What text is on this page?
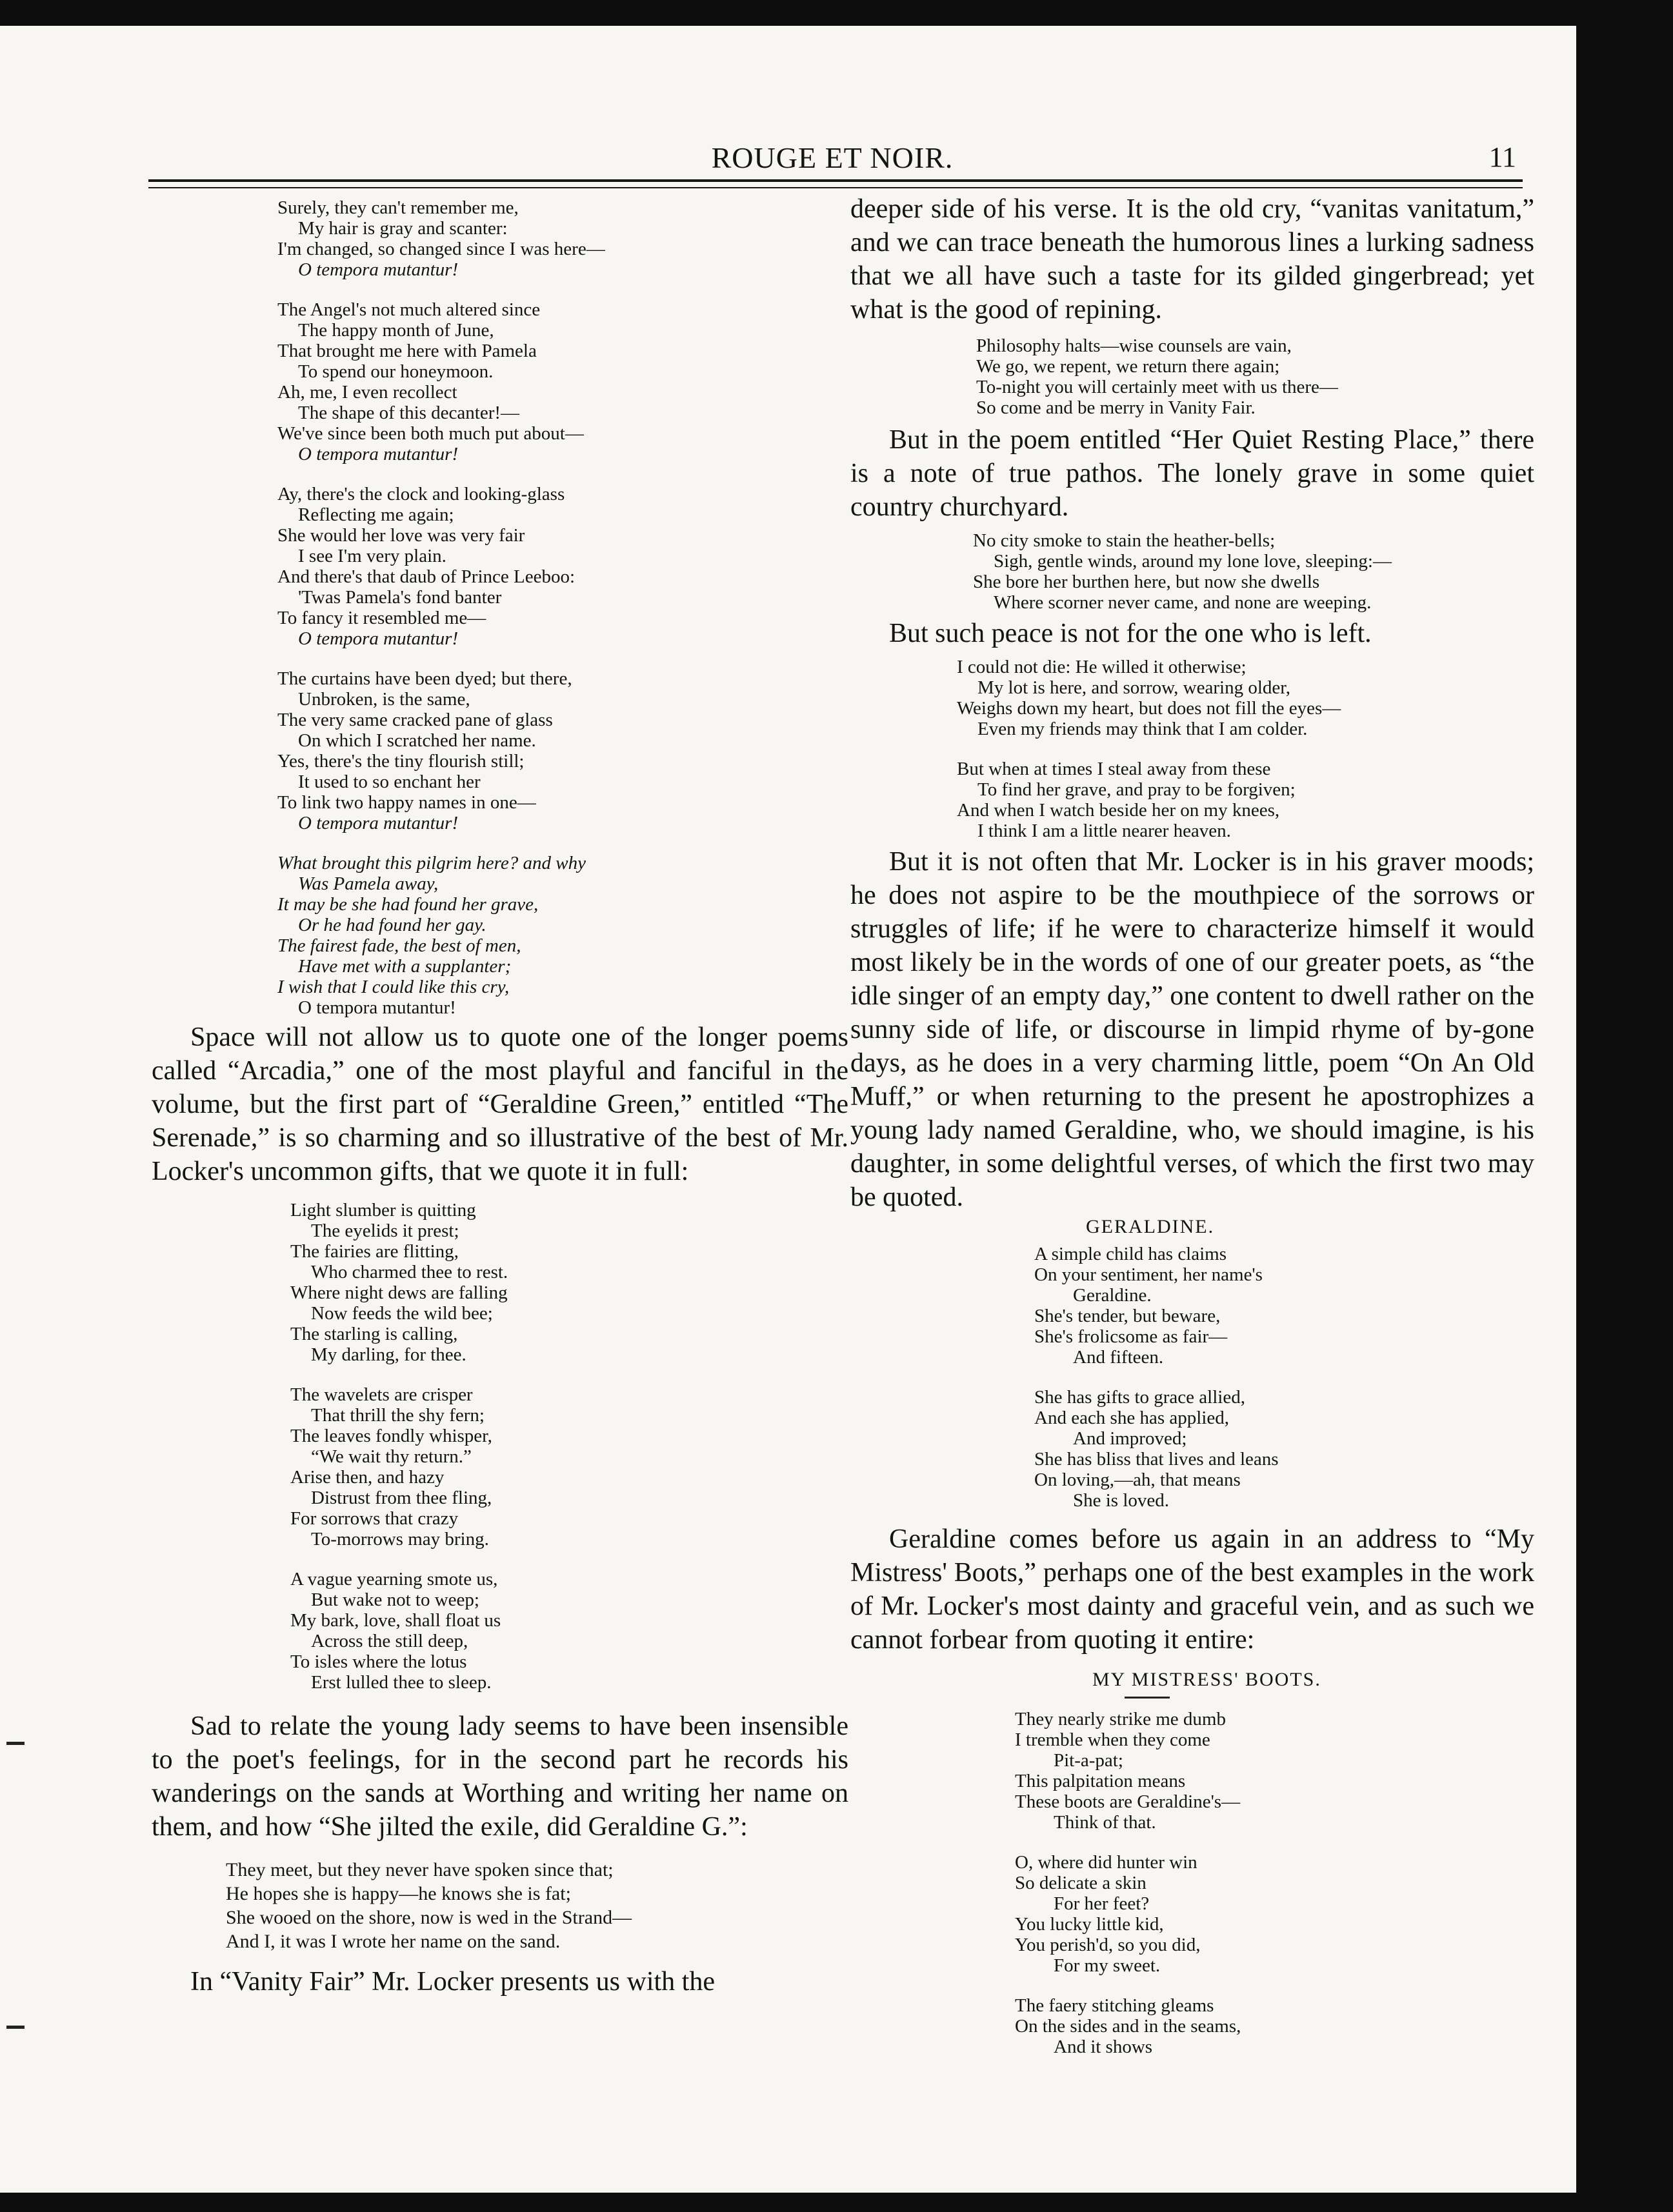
ROUGE ET NOIR.	11
Surely, they can't remember me,
My hair is gray and scanter:
I'm changed, so changed since I was here—
O tempora mutantur!
The Angel's not much altered since
The happy month of June,
That brought me here with Pamela
To spend our honeymoon.
Ah, me, I even recollect
The shape of this decanter!—
We've since been both much put about—
O tempora mutantur!
Ay, there's the clock and looking-glass
Reflecting me again;
She would her love was very fair
I see I'm very plain.
And there's that daub of Prince Leeboo:
'Twas Pamela's fond banter
To fancy it resembled me—
O tempora mutantur!
The curtains have been dyed; but there,
Unbroken, is the same,
The very same cracked pane of glass
On which I scratched her name.
Yes, there's the tiny flourish still;
It used to so enchant her
To link two happy names in one—
O tempora mutantur!
What brought this pilgrim here? and why
Was Pamela away,
It may be she had found her grave,
Or he had found her gay.
The fairest fade, the best of men,
Have met with a supplanter;
I wish that I could like this cry,
O tempora mutantur!

Space will not allow us to quote one of the longer poems called “Arcadia,” one of the most playful and fanciful in the volume, but the first part of “Geraldine Green,” entitled “The Serenade,” is so charming and so illustrative of the best of Mr. Locker's uncommon gifts, that we quote it in full:

Light slumber is quitting
The eyelids it prest;
The fairies are flitting,
Who charmed thee to rest.
Where night dews are falling
Now feeds the wild bee;
The starling is calling,
My darling, for thee.
The wavelets are crisper
That thrill the shy fern;
The leaves fondly whisper,
“We wait thy return.”
Arise then, and hazy
Distrust from thee fling,
For sorrows that crazy
To-morrows may bring.
A vague yearning smote us,
But wake not to weep;
My bark, love, shall float us
Across the still deep,
To isles where the lotus
Erst lulled thee to sleep.

Sad to relate the young lady seems to have been insensible to the poet's feelings, for in the second part he records his wanderings on the sands at Worthing and writing her name on them, and how “She jilted the exile, did Geraldine G.”:

They meet, but they never have spoken since that;
He hopes she is happy—he knows she is fat;
She wooed on the shore, now is wed in the Strand—
And I, it was I wrote her name on the sand.

In “Vanity Fair” Mr. Locker presents us with the

deeper side of his verse. It is the old cry, “vanitas vanitatum,” and we can trace beneath the humorous lines a lurking sadness that we all have such a taste for its gilded gingerbread; yet what is the good of repining.

Philosophy halts—wise counsels are vain,
We go, we repent, we return there again;
To-night you will certainly meet with us there—
So come and be merry in Vanity Fair.

But in the poem entitled “Her Quiet Resting Place,” there is a note of true pathos. The lonely grave in some quiet country churchyard.

No city smoke to stain the heather-bells;
Sigh, gentle winds, around my lone love, sleeping:—
She bore her burthen here, but now she dwells
Where scorner never came, and none are weeping.

But such peace is not for the one who is left.

I could not die: He willed it otherwise;
My lot is here, and sorrow, wearing older,
Weighs down my heart, but does not fill the eyes—
Even my friends may think that I am colder.
But when at times I steal away from these
To find her grave, and pray to be forgiven;
And when I watch beside her on my knees,
I think I am a little nearer heaven.

But it is not often that Mr. Locker is in his graver moods; he does not aspire to be the mouthpiece of the sorrows or struggles of life; if he were to characterize himself it would most likely be in the words of one of our greater poets, as “the idle singer of an empty day,” one content to dwell rather on the sunny side of life, or discourse in limpid rhyme of by-gone days, as he does in a very charming little, poem “On An Old Muff,” or when returning to the present he apostrophizes a young lady named Geraldine, who, we should imagine, is his daughter, in some delightful verses, of which the first two may be quoted.

GERALDINE.
A simple child has claims
On your sentiment, her name's
Geraldine.
She's tender, but beware,
She's frolicsome as fair—
And fifteen.
She has gifts to grace allied,
And each she has applied,
And improved;
She has bliss that lives and leans
On loving,—ah, that means
She is loved.

Geraldine comes before us again in an address to “My Mistress' Boots,” perhaps one of the best examples in the work of Mr. Locker's most dainty and graceful vein, and as such we cannot forbear from quoting it entire:

MY MISTRESS' BOOTS.
They nearly strike me dumb
I tremble when they come
Pit-a-pat;
This palpitation means
These boots are Geraldine's—
Think of that.
O, where did hunter win
So delicate a skin
For her feet?
You lucky little kid,
You perish'd, so you did,
For my sweet.
The faery stitching gleams
On the sides and in the seams,
And it shows
